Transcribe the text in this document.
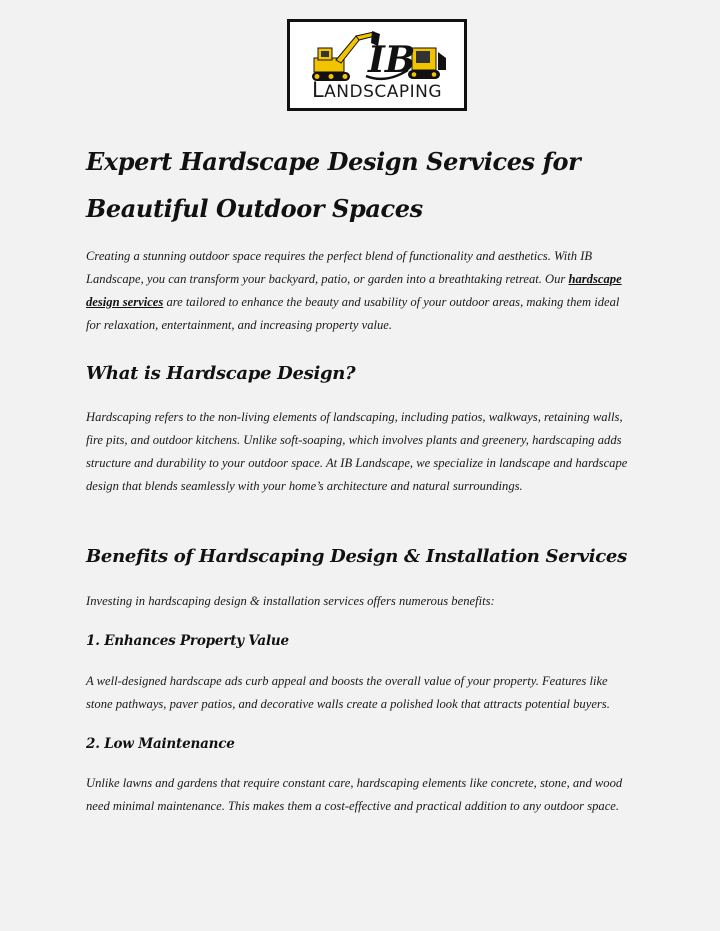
IB
LANDSCAPING
Expert Hardscape Design Services for Beautiful Outdoor Spaces

Creating a stunning outdoor space requires the perfect blend of functionality and aesthetics. With IB Landscape, you can transform your backyard, patio, or garden into a breathtaking retreat. Our hardscape design services are tailored to enhance the beauty and usability of your outdoor areas, making them ideal for relaxation, entertainment, and increasing property value.

What is Hardscape Design?

Hardscaping refers to the non-living elements of landscaping, including patios, walkways, retaining walls, fire pits, and outdoor kitchens. Unlike soft-soaping, which involves plants and greenery, hardscaping adds structure and durability to your outdoor space. At IB Landscape, we specialize in landscape and hardscape design that blends seamlessly with your home’s architecture and natural surroundings.

Benefits of Hardscaping Design & Installation Services

Investing in hardscaping design & installation services offers numerous benefits:

1. Enhances Property Value

A well-designed hardscape ads curb appeal and boosts the overall value of your property. Features like stone pathways, paver patios, and decorative walls create a polished look that attracts potential buyers.

2. Low Maintenance

Unlike lawns and gardens that require constant care, hardscaping elements like concrete, stone, and wood need minimal maintenance. This makes them a cost-effective and practical addition to any outdoor space.
